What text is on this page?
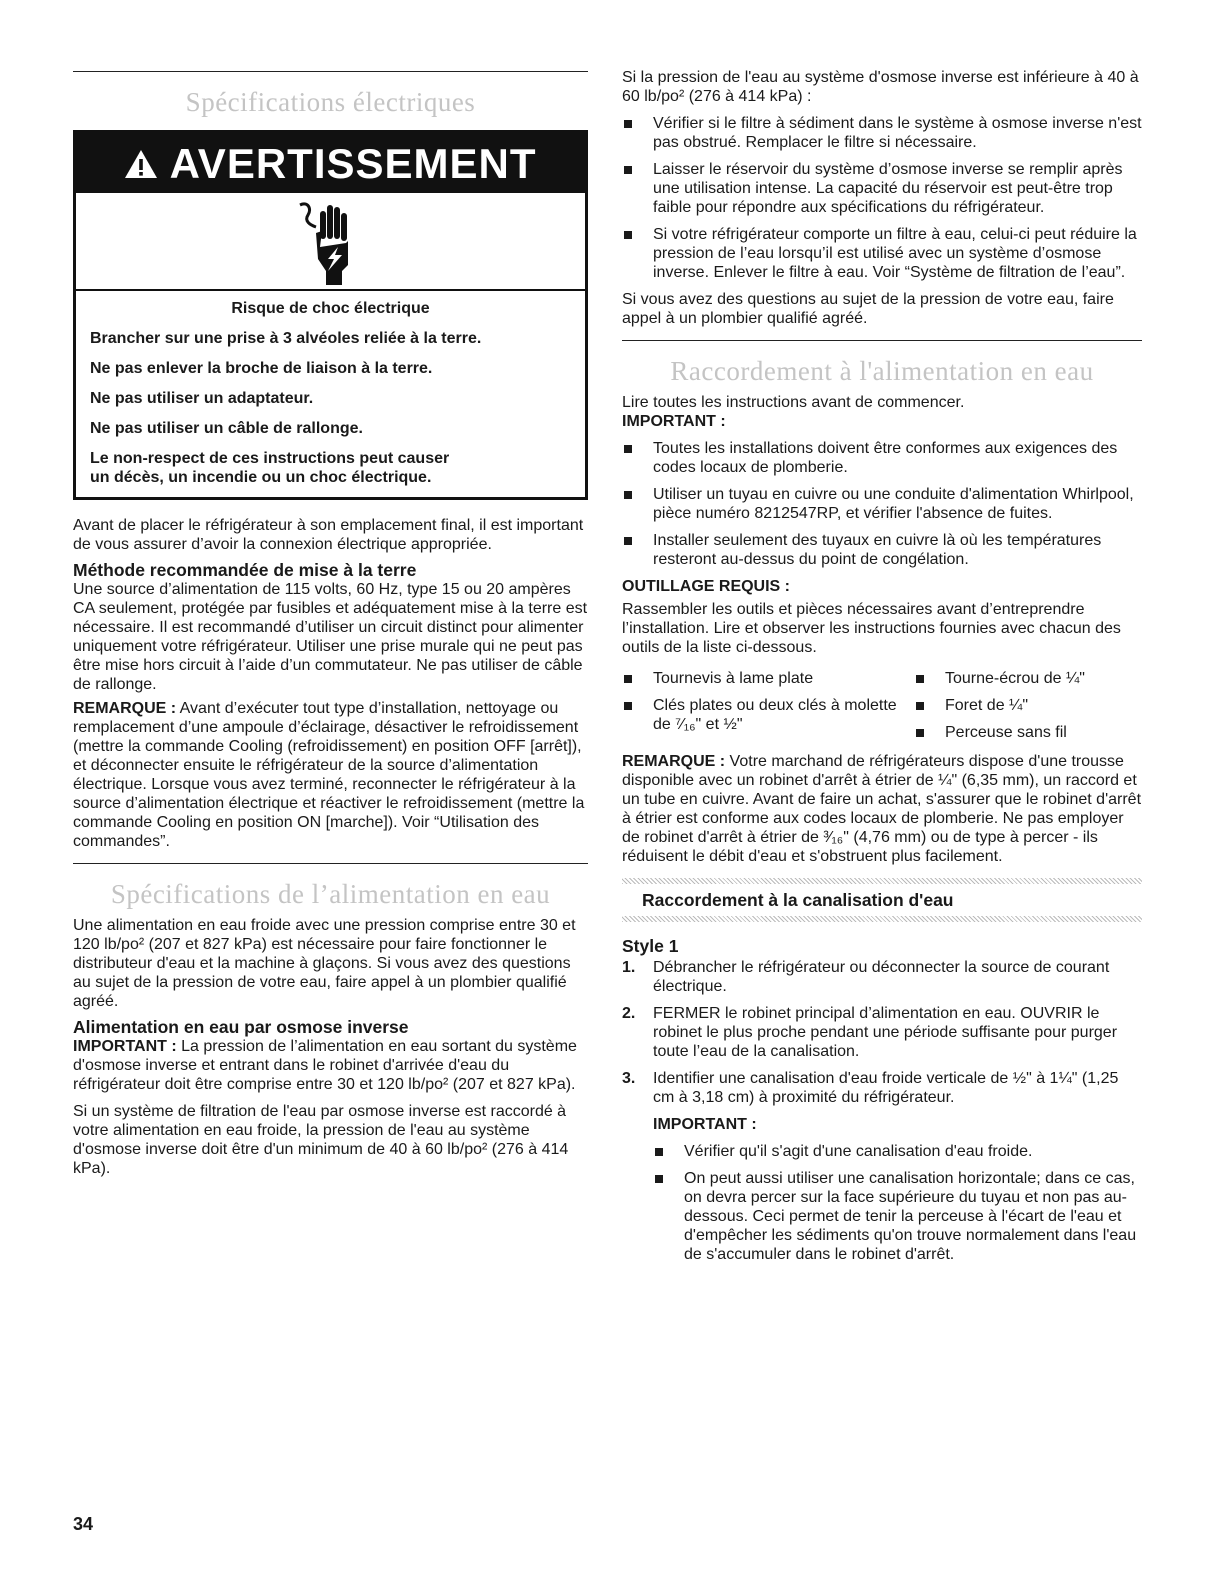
Spécifications électriques
AVERTISSEMENT

Risque de choc électrique

Brancher sur une prise à 3 alvéoles reliée à la terre.

Ne pas enlever la broche de liaison à la terre.

Ne pas utiliser un adaptateur.

Ne pas utiliser un câble de rallonge.

Le non-respect de ces instructions peut causer
un décès, un incendie ou un choc électrique.

Avant de placer le réfrigérateur à son emplacement final, il est important de vous assurer d’avoir la connexion électrique appropriée.

Méthode recommandée de mise à la terre

Une source d’alimentation de 115 volts, 60 Hz, type 15 ou 20 ampères CA seulement, protégée par fusibles et adéquatement mise à la terre est nécessaire. Il est recommandé d’utiliser un circuit distinct pour alimenter uniquement votre réfrigérateur. Utiliser une prise murale qui ne peut pas être mise hors circuit à l’aide d’un commutateur. Ne pas utiliser de câble de rallonge.

REMARQUE : Avant d’exécuter tout type d’installation, nettoyage ou remplacement d’une ampoule d’éclairage, désactiver le refroidissement (mettre la commande Cooling (refroidissement) en position OFF [arrêt]), et déconnecter ensuite le réfrigérateur de la source d’alimentation électrique. Lorsque vous avez terminé, reconnecter le réfrigérateur à la source d’alimentation électrique et réactiver le refroidissement (mettre la commande Cooling en position ON [marche]). Voir “Utilisation des commandes”.

Spécifications de l’alimentation en eau

Une alimentation en eau froide avec une pression comprise entre 30 et 120 lb/po² (207 et 827 kPa) est nécessaire pour faire fonctionner le distributeur d'eau et la machine à glaçons. Si vous avez des questions au sujet de la pression de votre eau, faire appel à un plombier qualifié agréé.

Alimentation en eau par osmose inverse

IMPORTANT : La pression de l’alimentation en eau sortant du système d'osmose inverse et entrant dans le robinet d'arrivée d'eau du réfrigérateur doit être comprise entre 30 et 120 lb/po² (207 et 827 kPa).

Si un système de filtration de l'eau par osmose inverse est raccordé à votre alimentation en eau froide, la pression de l'eau au système d'osmose inverse doit être d'un minimum de 40 à 60 lb/po² (276 à 414 kPa).

Si la pression de l'eau au système d'osmose inverse est inférieure à 40 à 60 lb/po² (276 à 414 kPa) :

Vérifier si le filtre à sédiment dans le système à osmose inverse n'est pas obstrué. Remplacer le filtre si nécessaire.
Laisser le réservoir du système d’osmose inverse se remplir après une utilisation intense. La capacité du réservoir est peut-être trop faible pour répondre aux spécifications du réfrigérateur.
Si votre réfrigérateur comporte un filtre à eau, celui-ci peut réduire la pression de l’eau lorsqu’il est utilisé avec un système d’osmose inverse. Enlever le filtre à eau. Voir “Système de filtration de l’eau”.

Si vous avez des questions au sujet de la pression de votre eau, faire appel à un plombier qualifié agréé.

Raccordement à l'alimentation en eau

Lire toutes les instructions avant de commencer.

IMPORTANT :

Toutes les installations doivent être conformes aux exigences des codes locaux de plomberie.
Utiliser un tuyau en cuivre ou une conduite d'alimentation Whirlpool, pièce numéro 8212547RP, et vérifier l'absence de fuites.
Installer seulement des tuyaux en cuivre là où les températures resteront au-dessus du point de congélation.

OUTILLAGE REQUIS :

Rassembler les outils et pièces nécessaires avant d’entreprendre l’installation. Lire et observer les instructions fournies avec chacun des outils de la liste ci-dessous.

Tournevis à lame plate
Clés plates ou deux clés à molette de ⁷⁄₁₆" et ½"
Tourne-écrou de ¼"
Foret de ¼"
Perceuse sans fil

REMARQUE : Votre marchand de réfrigérateurs dispose d'une trousse disponible avec un robinet d'arrêt à étrier de ¼" (6,35 mm), un raccord et un tube en cuivre. Avant de faire un achat, s'assurer que le robinet d'arrêt à étrier est conforme aux codes locaux de plomberie. Ne pas employer de robinet d'arrêt à étrier de ³⁄₁₆" (4,76 mm) ou de type à percer - ils réduisent le débit d'eau et s'obstruent plus facilement.

Raccordement à la canalisation d'eau
Style 1
1. Débrancher le réfrigérateur ou déconnecter la source de courant électrique.
2. FERMER le robinet principal d’alimentation en eau. OUVRIR le robinet le plus proche pendant une période suffisante pour purger toute l’eau de la canalisation.
3. Identifier une canalisation d'eau froide verticale de ½" à 1¼" (1,25 cm à 3,18 cm) à proximité du réfrigérateur.

IMPORTANT :

Vérifier qu'il s'agit d'une canalisation d'eau froide.
On peut aussi utiliser une canalisation horizontale; dans ce cas, on devra percer sur la face supérieure du tuyau et non pas au-dessous. Ceci permet de tenir la perceuse à l'écart de l'eau et d'empêcher les sédiments qu'on trouve normalement dans l'eau de s'accumuler dans le robinet d'arrêt.
34
